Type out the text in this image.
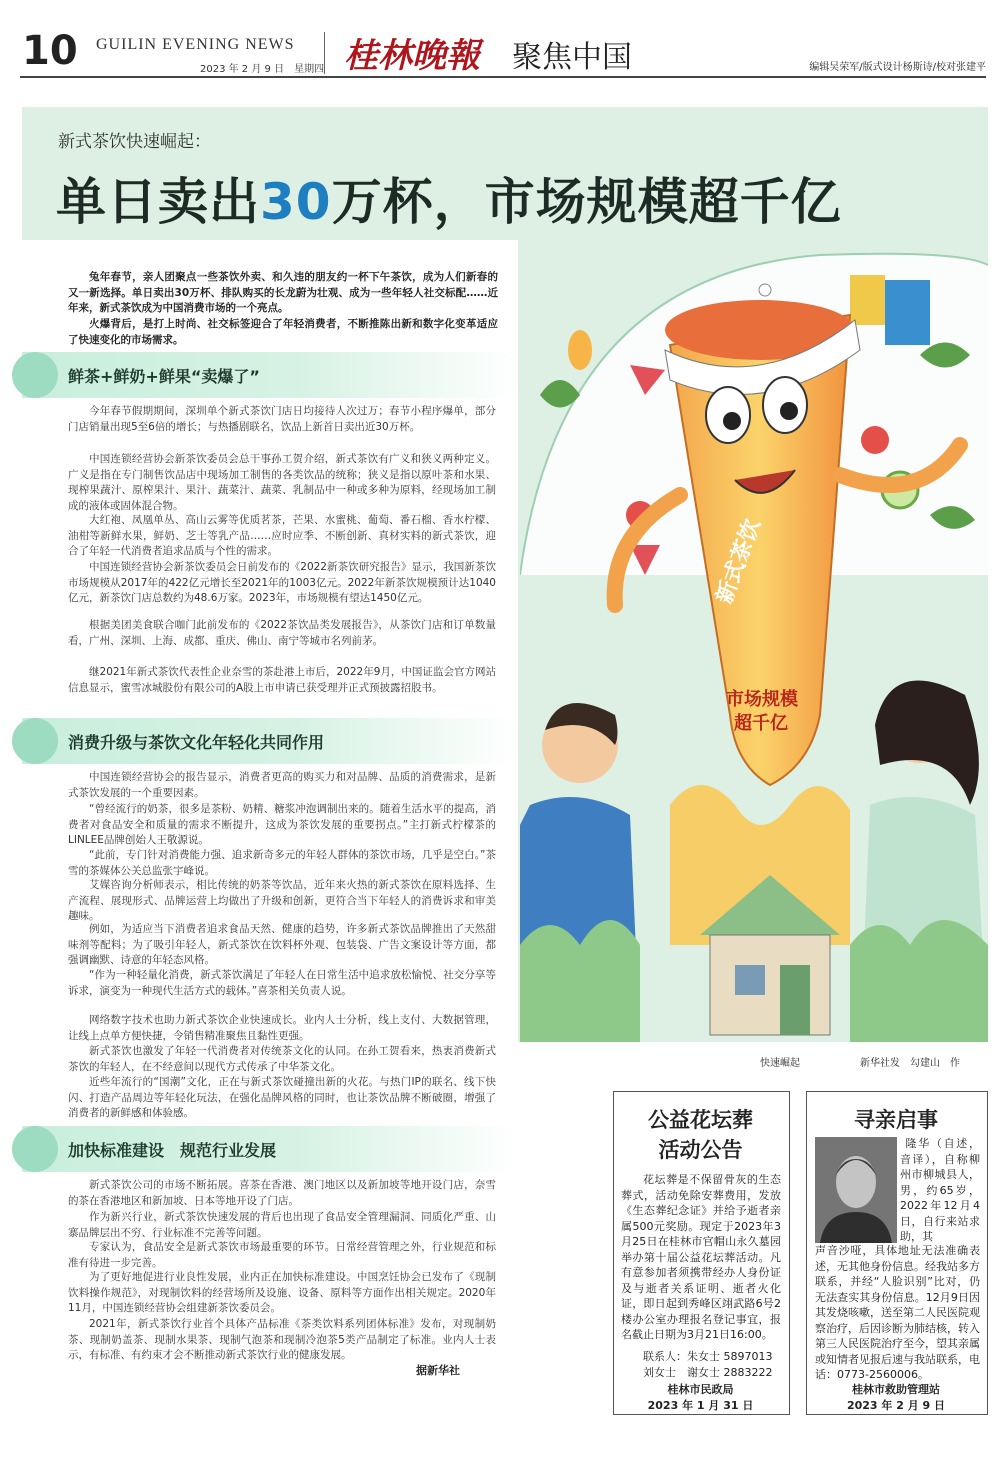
10 GUILIN EVENING NEWS
2023 年 2 月 9 日　星期四 桂林晚報 聚焦中国	编辑吴荣军/版式设计杨斯诗/校对张建平
新式茶饮快速崛起：
单日卖出30万杯，市场规模超千亿

兔年春节，亲人团聚点一些茶饮外卖、和久违的朋友约一杯下午茶饮，成为人们新春的又一新选择。单日卖出30万杯、排队购买的长龙蔚为壮观、成为一些年轻人社交标配……近年来，新式茶饮成为中国消费市场的一个亮点。

火爆背后，是打上时尚、社交标签迎合了年轻消费者，不断推陈出新和数字化变革适应了快速变化的市场需求。

鲜茶+鲜奶+鲜果“卖爆了”

今年春节假期期间，深圳单个新式茶饮门店日均接待人次过万；春节小程序爆单，部分门店销量出现5至6倍的增长；与热播剧联名，饮品上新首日卖出近30万杯。

中国连锁经营协会新茶饮委员会总干事孙工贺介绍，新式茶饮有广义和狭义两种定义。广义是指在专门制售饮品店中现场加工制售的各类饮品的统称；狭义是指以原叶茶和水果、现榨果蔬汁、原榨果汁、果汁、蔬菜汁、蔬菜、乳制品中一种或多种为原料，经现场加工制成的液体或固体混合物。

大红袍、凤凰单丛、高山云雾等优质茗茶，芒果、水蜜桃、葡萄、番石榴、香水柠檬、油柑等新鲜水果，鲜奶、芝士等乳产品……应时应季、不断创新、真材实料的新式茶饮，迎合了年轻一代消费者追求品质与个性的需求。

中国连锁经营协会新茶饮委员会日前发布的《2022新茶饮研究报告》显示，我国新茶饮市场规模从2017年的422亿元增长至2021年的1003亿元。2022年新茶饮规模预计达1040亿元，新茶饮门店总数约为48.6万家。2023年，市场规模有望达1450亿元。

根据美团美食联合咖门此前发布的《2022茶饮品类发展报告》，从茶饮门店和订单数量看，广州、深圳、上海、成都、重庆、佛山、南宁等城市名列前茅。

继2021年新式茶饮代表性企业奈雪的茶赴港上市后，2022年9月，中国证监会官方网站信息显示，蜜雪冰城股份有限公司的A股上市申请已获受理并正式预披露招股书。

消费升级与茶饮文化年轻化共同作用

中国连锁经营协会的报告显示，消费者更高的购买力和对品牌、品质的消费需求，是新式茶饮发展的一个重要因素。

“曾经流行的奶茶，很多是茶粉、奶精、糖浆冲泡调制出来的。随着生活水平的提高，消费者对食品安全和质量的需求不断提升，这成为茶饮发展的重要拐点。”主打新式柠檬茶的LINLEE品牌创始人王敬源说。

“此前，专门针对消费能力强、追求新奇多元的年轻人群体的茶饮市场，几乎是空白。”茶雪的茶媒体公关总监张宇峰说。

艾媒咨询分析师表示，相比传统的奶茶等饮品，近年来火热的新式茶饮在原料选择、生产流程、展现形式、品牌运营上均做出了升级和创新，更符合当下年轻人的消费诉求和审美趣味。

例如，为适应当下消费者追求食品天然、健康的趋势，许多新式茶饮品牌推出了天然甜味剂等配料；为了吸引年轻人，新式茶饮在饮料杯外观、包装袋、广告文案设计等方面，都强调幽默、诗意的年轻态风格。

“作为一种轻量化消费，新式茶饮满足了年轻人在日常生活中追求放松愉悦、社交分享等诉求，演变为一种现代生活方式的载体。”喜茶相关负责人说。

网络数字技术也助力新式茶饮企业快速成长。业内人士分析，线上支付、大数据管理，让线上点单方便快捷，令销售精准聚焦且黏性更强。

新式茶饮也激发了年轻一代消费者对传统茶文化的认同。在孙工贺看来，热衷消费新式茶饮的年轻人，在不经意间以现代方式传承了中华茶文化。

近些年流行的“国潮”文化，正在与新式茶饮碰撞出新的火花。与热门IP的联名、线下快闪、打造产品周边等年轻化玩法，在强化品牌风格的同时，也让茶饮品牌不断破圈，增强了消费者的新鲜感和体验感。

加快标准建设　规范行业发展

新式茶饮公司的市场不断拓展。喜茶在香港、澳门地区以及新加坡等地开设门店，奈雪的茶在香港地区和新加坡、日本等地开设了门店。

作为新兴行业，新式茶饮快速发展的背后也出现了食品安全管理漏洞、同质化严重、山寨品牌层出不穷、行业标准不完善等问题。

专家认为，食品安全是新式茶饮市场最重要的环节。日常经营管理之外，行业规范和标准有待进一步完善。

为了更好地促进行业良性发展，业内正在加快标准建设。中国烹饪协会已发布了《现制饮料操作规范》，对现制饮料的经营场所及设施、设备、原料等方面作出相关规定。2020年11月，中国连锁经营协会组建新茶饮委员会。

2021年，新式茶饮行业首个具体产品标准《茶类饮料系列团体标准》发布，对现制奶茶、现制奶盖茶、现制水果茶、现制气泡茶和现制冷泡茶5类产品制定了标准。业内人士表示，有标准、有约束才会不断推动新式茶饮行业的健康发展。

据新华社
新式茶饮
市场规模
超千亿
快速崛起	新华社发　勾建山　作
公益花坛葬
活动公告

花坛葬是不保留骨灰的生态葬式，活动免除安葬费用，发放《生态葬纪念证》并给予逝者亲属500元奖励。现定于2023年3月25日在桂林市官帽山永久墓园举办第十届公益花坛葬活动。凡有意参加者须携带经办人身份证及与逝者关系证明、逝者火化证，即日起到秀峰区翊武路6号2楼办公室办理报名登记事宜，报名截止日期为3月21日16:00。

联系人：朱女士 5897013
刘女士　谢女士 2883222
桂林市民政局
2023 年 1 月 31 日
寻亲启事

隆华（自述，音译），自称柳州市柳城县人，男，约65岁，2022年12月4日，自行来站求助，其

声音沙哑，具体地址无法准确表述，无其他身份信息。经我站多方联系，并经“人脸识别”比对，仍无法查实其身份信息。12月9日因其发烧咳嗽，送至第二人民医院观察治疗，后因诊断为肺结核，转入第三人民医院治疗至今，望其亲属或知情者见报后速与我站联系，电话：0773-2560006。

桂林市救助管理站
2023 年 2 月 9 日
